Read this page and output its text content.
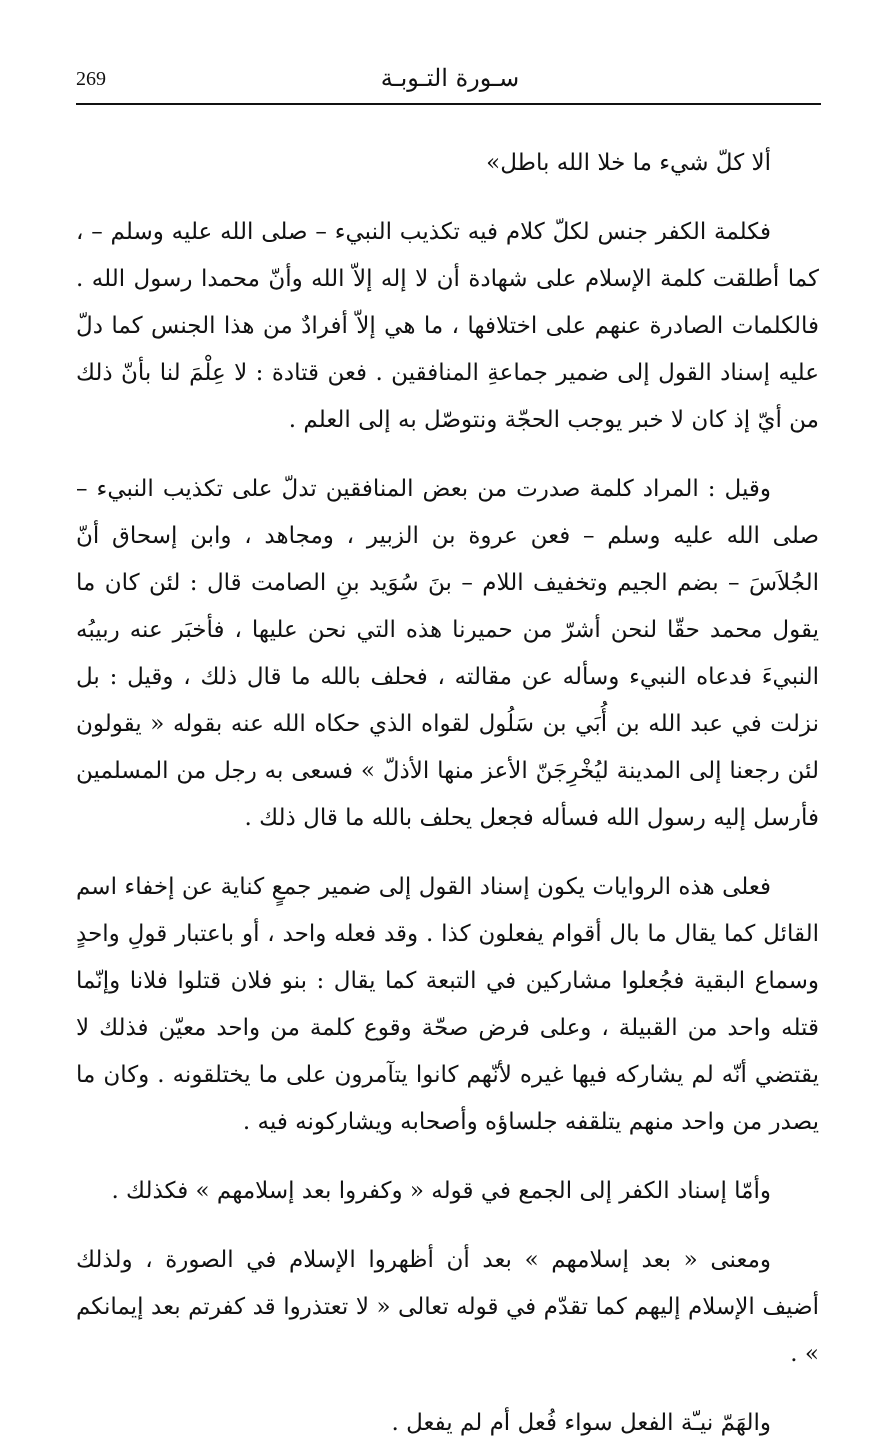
269	سـورة التـوبـة

ألا كلّ شيء ما خلا الله باطل»

فكلمة الكفر جنس لكلّ كلام فيه تكذيب النبيء – صلى الله عليه وسلم – ، كما أطلقت كلمة الإسلام على شهادة أن لا إله إلاّ الله وأنّ محمدا رسول الله . فالكلمات الصادرة عنهم على اختلافها ، ما هي إلاّ أفرادٌ من هذا الجنس كما دلّ عليه إسناد القول إلى ضمير جماعةِ المنافقين . فعن قتادة : لا عِلْمَ لنا بأنّ ذلك من أيّ إذ كان لا خبر يوجب الحجّة ونتوصّل به إلى العلم .

وقيل : المراد كلمة صدرت من بعض المنافقين تدلّ على تكذيب النبيء – صلى الله عليه وسلم – فعن عروة بن الزبير ، ومجاهد ، وابن إسحاق أنّ الجُلاَسَ – بضم الجيم وتخفيف اللام – بنَ سُوَيد بنِ الصامت قال : لئن كان ما يقول محمد حقّا لنحن أشرّ من حميرنا هذه التي نحن عليها ، فأخبَر عنه ربيبُه النبيءَ فدعاه النبيء وسأله عن مقالته ، فحلف بالله ما قال ذلك ، وقيل : بل نزلت في عبد الله بن أُبَي بن سَلُول لقواه الذي حكاه الله عنه بقوله « يقولون لئن رجعنا إلى المدينة ليُخْرِجَنّ الأعز منها الأذلّ » فسعى به رجل من المسلمين فأرسل إليه رسول الله فسأله فجعل يحلف بالله ما قال ذلك .

فعلى هذه الروايات يكون إسناد القول إلى ضمير جمعٍ كناية عن إخفاء اسم القائل كما يقال ما بال أقوام يفعلون كذا . وقد فعله واحد ، أو باعتبار قولِ واحدٍ وسماع البقية فجُعلوا مشاركين في التبعة كما يقال : بنو فلان قتلوا فلانا وإنّما قتله واحد من القبيلة ، وعلى فرض صحّة وقوع كلمة من واحد معيّن فذلك لا يقتضي أنّه لم يشاركه فيها غيره لأنّهم كانوا يتآمرون على ما يختلقونه . وكان ما يصدر من واحد منهم يتلقفه جلساؤه وأصحابه ويشاركونه فيه .

وأمّا إسناد الكفر إلى الجمع في قوله « وكفروا بعد إسلامهم » فكذلك .

ومعنى « بعد إسلامهم » بعد أن أظهروا الإسلام في الصورة ، ولذلك أضيف الإسلام إليهم كما تقدّم في قوله تعالى « لا تعتذروا قد كفرتم بعد إيمانكم » .

والهَمّ نيـّة الفعل سواء فُعل أم لم يفعل .
